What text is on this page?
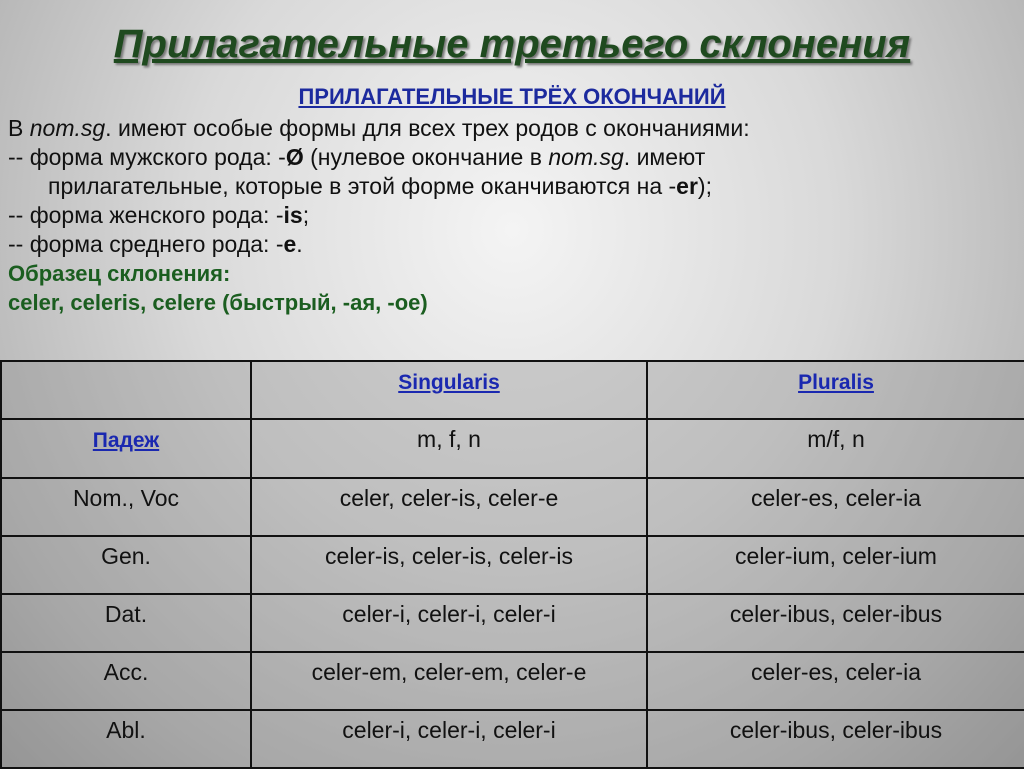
Прилагательные третьего склонения
ПРИЛАГАТЕЛЬНЫЕ ТРЁХ ОКОНЧАНИЙ

В nom.sg. имеют особые формы для всех трех родов с окончаниями:

-- форма мужского рода: -Ø (нулевое окончание в nom.sg. имеют

прилагательные, которые в этой форме оканчиваются на -er);

-- форма женского рода: -is;

-- форма среднего рода: -e.

Образец склонения:

celer, celeris, celere (быстрый, -ая, -ое)

	Singularis	Pluralis
Падеж	m, f, n	m/f, n
Nom., Voc	celer, celer-is, celer-e	celer-es, celer-ia
Gen.	celer-is, celer-is, celer-is	celer-ium, celer-ium
Dat.	celer-i, celer-i, celer-i	celer-ibus, celer-ibus
Acc.	celer-em, celer-em, celer-e	celer-es, celer-ia
Abl.	celer-i, celer-i, celer-i	celer-ibus, celer-ibus
